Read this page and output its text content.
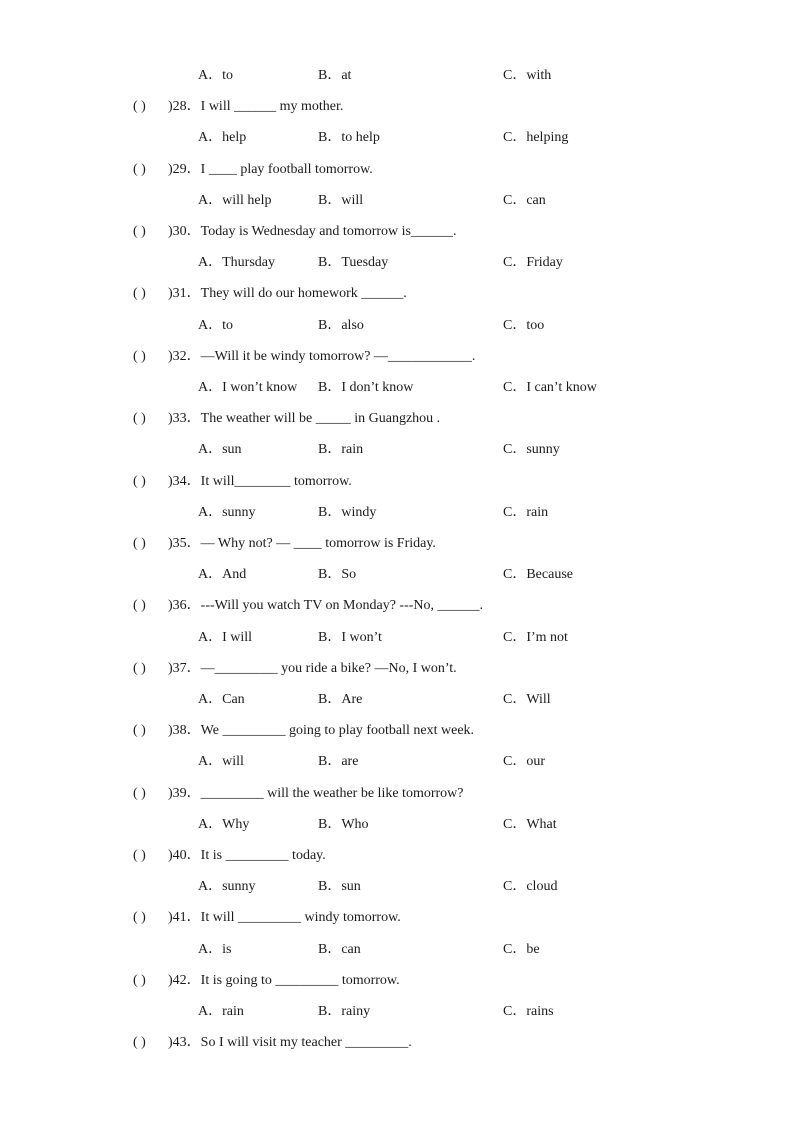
A．to	B．at	C．with
( )	)28．I will ______ my mother.
A．help	B．to help	C．helping
( )	)29．I ____ play football tomorrow.
A．will help	B．will	C．can
( )	)30．Today is Wednesday and tomorrow is______.
A．Thursday	B．Tuesday	C．Friday
( )	)31．They will do our homework ______.
A．to	B．also	C．too
( )	)32．—Will it be windy tomorrow? —____________.
A．I won’t know B．I don’t know	C．I can’t know
( )	)33．The weather will be _____ in Guangzhou .
A．sun	B．rain	C．sunny
( )	)34．It will________ tomorrow.
A．sunny	B．windy	C．rain
( )	)35．— Why not? — ____ tomorrow is Friday.
A．And	B．So	C．Because
( )	)36．---Will you watch TV on Monday? ---No, ______.
A．I will	B．I won’t	C．I’m not
( )	)37．—_________ you ride a bike? —No, I won’t.
A．Can	B．Are	C．Will
( )	)38．We _________ going to play football next week.
A．will	B．are	C．our
( )	)39．_________ will the weather be like tomorrow?
A．Why	B．Who	C．What
( )	)40．It is _________ today.
A．sunny	B．sun	C．cloud
( )	)41．It will _________ windy tomorrow.
A．is	B．can	C．be
( )	)42．It is going to _________ tomorrow.
A．rain	B．rainy	C．rains
( )	)43．So I will visit my teacher _________.
